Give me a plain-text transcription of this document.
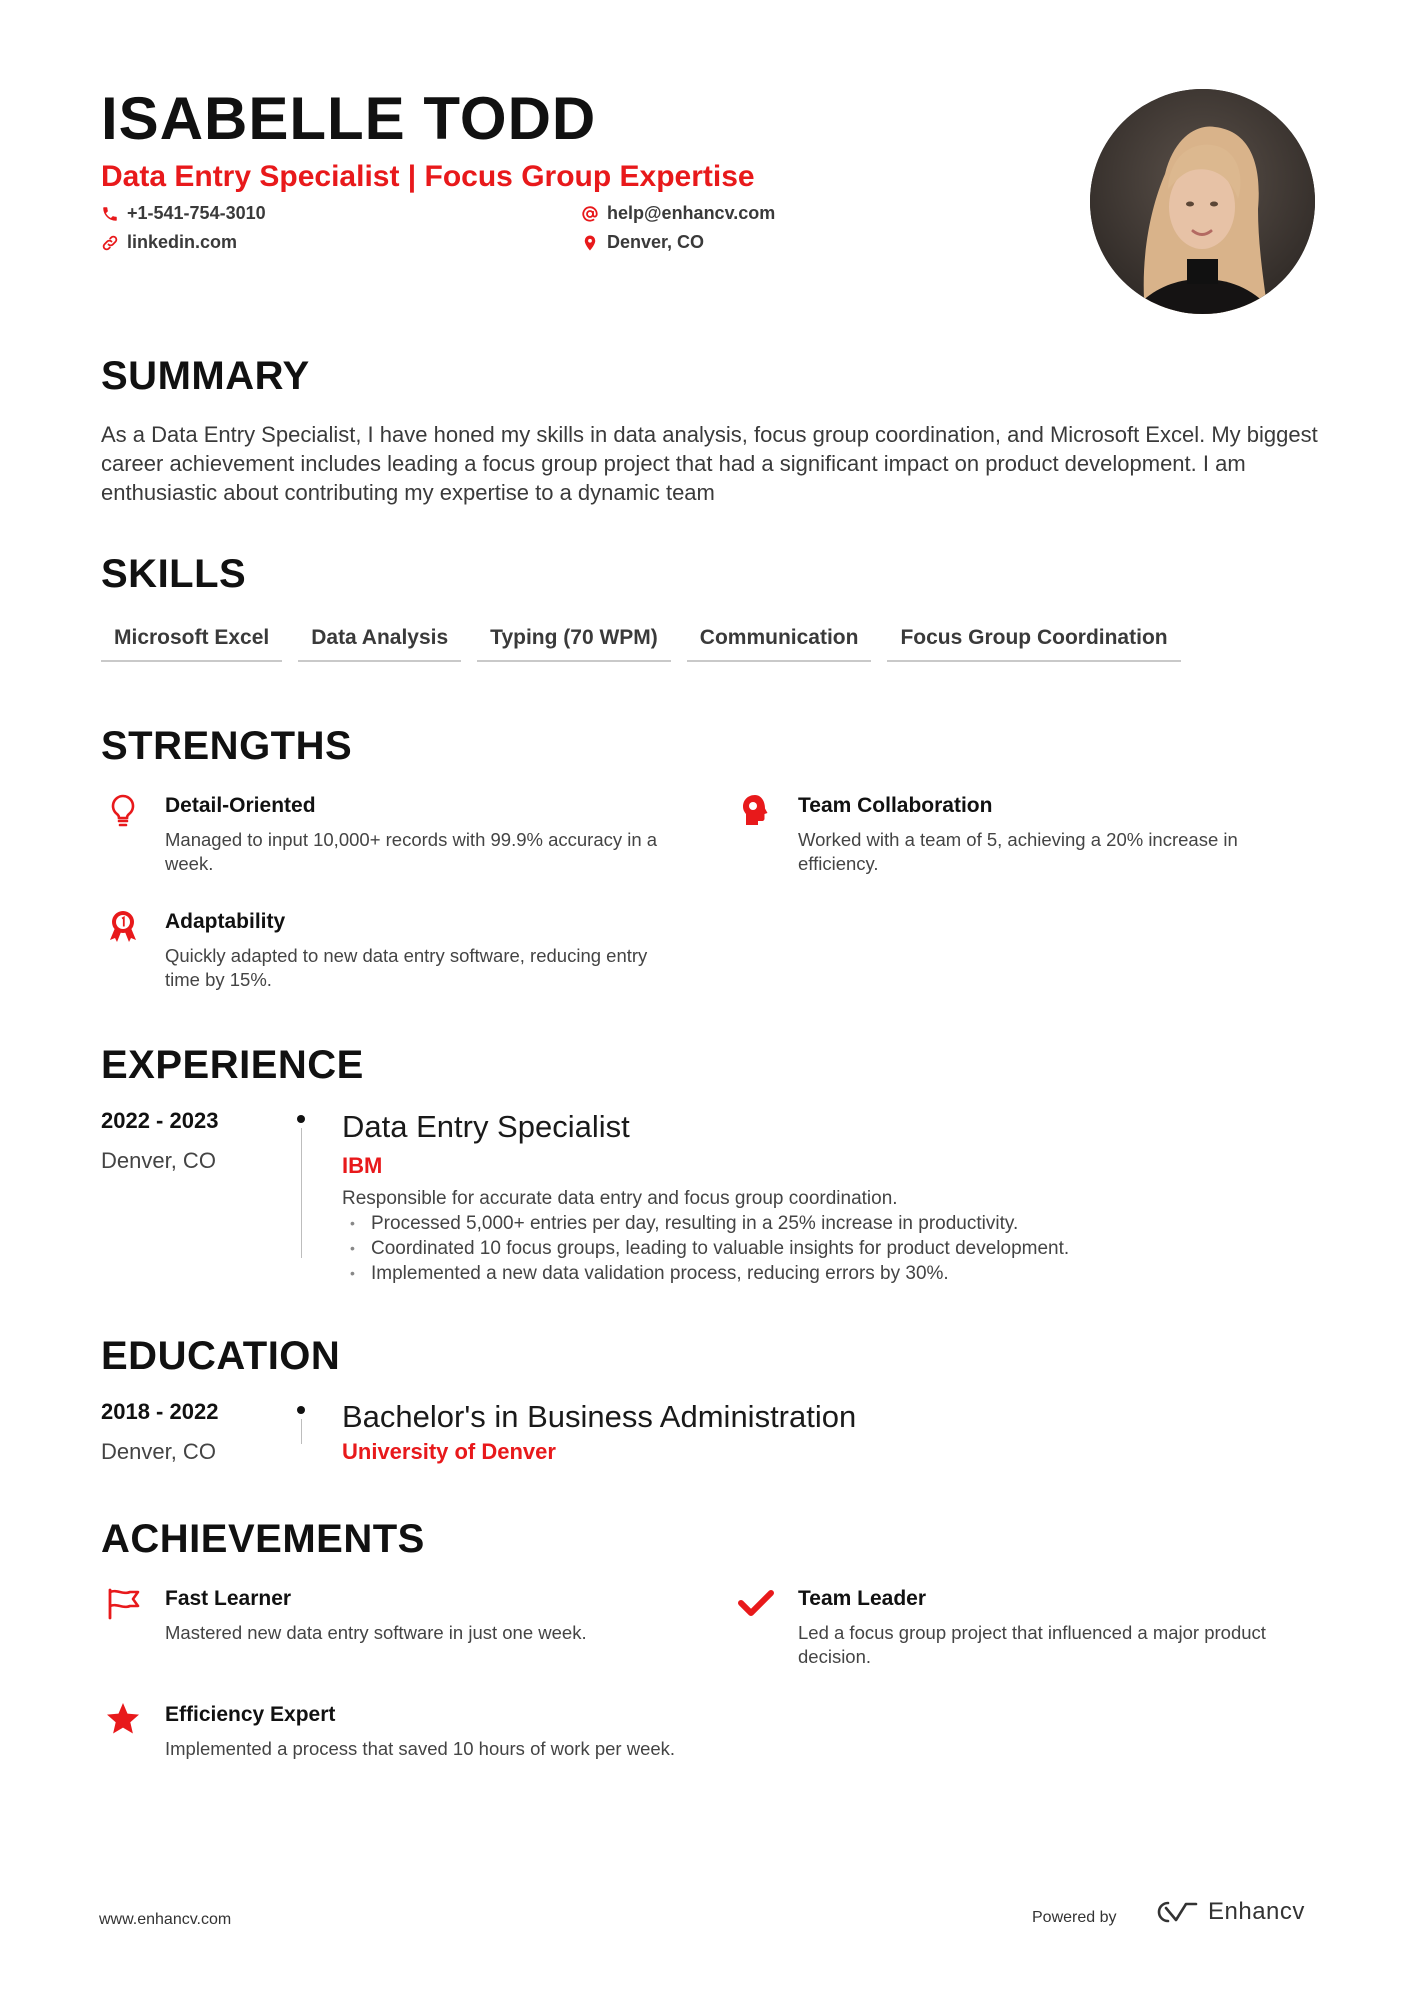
ISABELLE TODD
Data Entry Specialist | Focus Group Expertise
+1-541-754-3010	help@enhancv.com
linkedin.com	Denver, CO
SUMMARY
As a Data Entry Specialist, I have honed my skills in data analysis, focus group coordination, and Microsoft Excel. My biggest career achievement includes leading a focus group project that had a significant impact on product development. I am enthusiastic about contributing my expertise to a dynamic team
SKILLS
Microsoft Excel	Data Analysis	Typing (70 WPM)	Communication	Focus Group Coordination
STRENGTHS
Detail-Oriented
Managed to input 10,000+ records with 99.9% accuracy in a week.
Team Collaboration
Worked with a team of 5, achieving a 20% increase in efficiency.
Adaptability
Quickly adapted to new data entry software, reducing entry time by 15%.
EXPERIENCE
2022 - 2023
Denver, CO
Data Entry Specialist
IBM
Responsible for accurate data entry and focus group coordination.
• Processed 5,000+ entries per day, resulting in a 25% increase in productivity.
• Coordinated 10 focus groups, leading to valuable insights for product development.
• Implemented a new data validation process, reducing errors by 30%.
EDUCATION
2018 - 2022
Denver, CO
Bachelor's in Business Administration
University of Denver
ACHIEVEMENTS
Fast Learner
Mastered new data entry software in just one week.
Team Leader
Led a focus group project that influenced a major product decision.
Efficiency Expert
Implemented a process that saved 10 hours of work per week.
www.enhancv.com	Powered by	Enhancv
